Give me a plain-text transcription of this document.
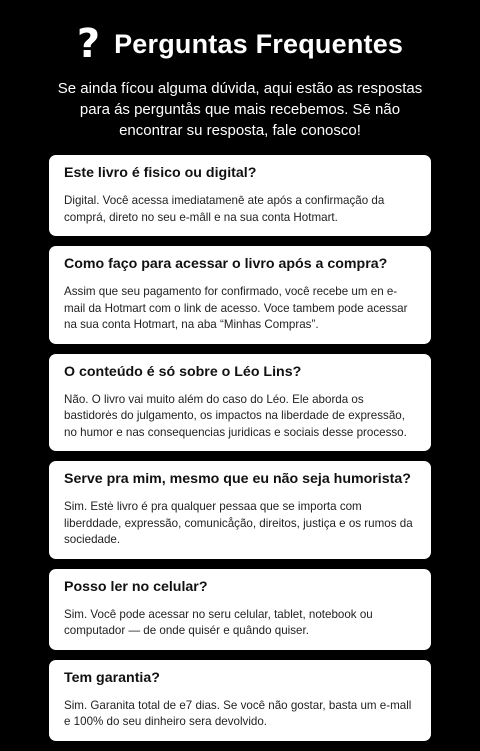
? Perguntas Frequentes
Se ainda fícou alguma dúvida, aqui estão as respostas para ás perguntås que mais recebemos. Sē não encontrar su resposta, fale conosco!
Este livro é fisico ou digital?
Digital. Você acessa imediatamenē ate após a confirmação da comprá, direto no seu e-mâll e na sua conta Hotmart.
Como faço para acessar o livro após a compra?
Assim que seu pagamento for confirmado, você recebe um en e-mail da Hotmart com o link de acesso. Voce tambem pode acessar na sua conta Hotmart, na aba “Minhas Compras”.
O conteúdo é só sobre o Léo Lins?
Não. O livro vai muito além do caso do Léo. Ele aborda os bastidorės do julgamento, os impactos na liberdade de expressão, no humor e nas consequencias juridicas e sociais desse processo.
Serve pra mim, mesmo que eu não seja humorista?
Sim. Estė livro é pra qualquer pessaa que se importa com liberddade, expressão, comunicåção, direitos, justiça e os rumos da sociedade.
Posso ler no celular?
Sim. Você pode acessar no seru celular, tablet, notebook ou computador — de onde quisér e quândo quiser.
Tem garantia?
Sim. Garanita total de e7 dias. Se você não gostar, basta um e-mall e 100% do seu dinheiro sera devolvido.
